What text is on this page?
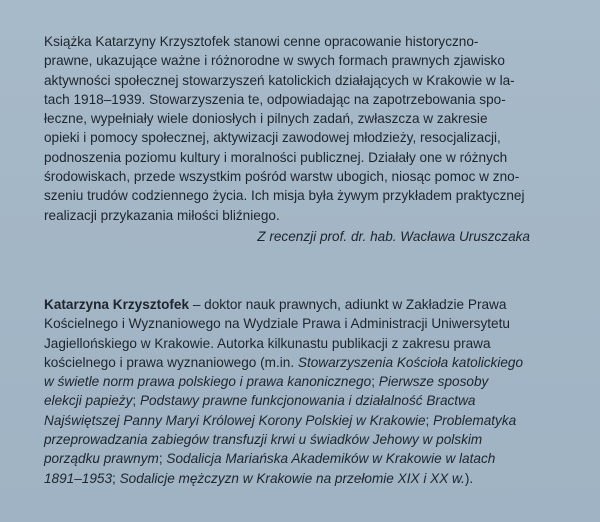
Książka Katarzyny Krzysztofek stanowi cenne opracowanie historyczno-
prawne, ukazujące ważne i różnorodne w swych formach prawnych zjawisko
aktywności społecznej stowarzyszeń katolickich działających w Krakowie w la-
tach 1918–1939. Stowarzyszenia te, odpowiadając na zapotrzebowania spo-
łeczne, wypełniały wiele doniosłych i pilnych zadań, zwłaszcza w zakresie
opieki i pomocy społecznej, aktywizacji zawodowej młodzieży, resocjalizacji,
podnoszenia poziomu kultury i moralności publicznej. Działały one w różnych
środowiskach, przede wszystkim pośród warstw ubogich, niosąc pomoc w zno-
szeniu trudów codziennego życia. Ich misja była żywym przykładem praktycznej
realizacji przykazania miłości bliźniego.
Z recenzji prof. dr. hab. Wacława Uruszczaka
Katarzyna Krzysztofek – doktor nauk prawnych, adiunkt w Zakładzie Prawa
Kościelnego i Wyznaniowego na Wydziale Prawa i Administracji Uniwersytetu
Jagiellońskiego w Krakowie. Autorka kilkunastu publikacji z zakresu prawa
kościelnego i prawa wyznaniowego (m.in. Stowarzyszenia Kościoła katolickiego
w świetle norm prawa polskiego i prawa kanonicznego; Pierwsze sposoby
elekcji papieży; Podstawy prawne funkcjonowania i działalność Bractwa
Najświętszej Panny Maryi Królowej Korony Polskiej w Krakowie; Problematyka
przeprowadzania zabiegów transfuzji krwi u świadków Jehowy w polskim
porządku prawnym; Sodalicja Mariańska Akademików w Krakowie w latach
1891–1953; Sodalicje mężczyzn w Krakowie na przełomie XIX i XX w.).
